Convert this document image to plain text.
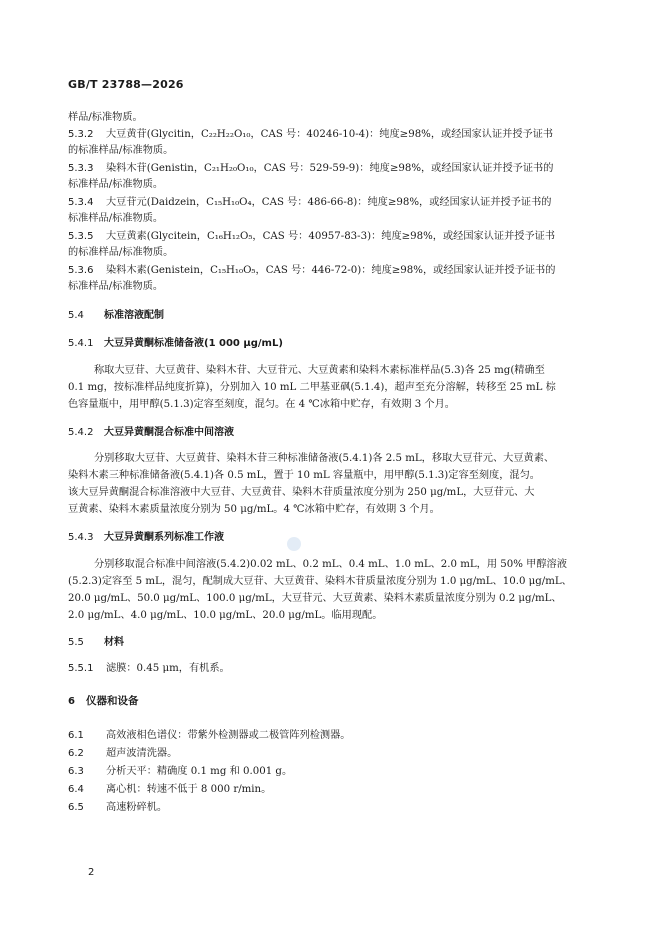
GB/T 23788—2026
样品/标准物质。
5.3.2 大豆黄苷(Glycitin，C₂₂H₂₂O₁₀，CAS 号：40246-10-4)：纯度≥98%，或经国家认证并授予证书
的标准样品/标准物质。
5.3.3 染料木苷(Genistin，C₂₁H₂₀O₁₀，CAS 号：529-59-9)：纯度≥98%，或经国家认证并授予证书的
标准样品/标准物质。
5.3.4 大豆苷元(Daidzein，C₁₅H₁₀O₄，CAS 号：486-66-8)：纯度≥98%，或经国家认证并授予证书的
标准样品/标准物质。
5.3.5 大豆黄素(Glycitein，C₁₆H₁₂O₅，CAS 号：40957-83-3)：纯度≥98%，或经国家认证并授予证书
的标准样品/标准物质。
5.3.6 染料木素(Genistein，C₁₅H₁₀O₅，CAS 号：446-72-0)：纯度≥98%，或经国家认证并授予证书的
标准样品/标准物质。
5.4 标准溶液配制
5.4.1 大豆异黄酮标准储备液(1 000 μg/mL)
称取大豆苷、大豆黄苷、染料木苷、大豆苷元、大豆黄素和染料木素标准样品(5.3)各 25 mg(精确至
0.1 mg，按标准样品纯度折算)，分别加入 10 mL 二甲基亚砜(5.1.4)，超声至充分溶解，转移至 25 mL 棕
色容量瓶中，用甲醇(5.1.3)定容至刻度，混匀。在 4 ℃冰箱中贮存，有效期 3 个月。
5.4.2 大豆异黄酮混合标准中间溶液
分别移取大豆苷、大豆黄苷、染料木苷三种标准储备液(5.4.1)各 2.5 mL，移取大豆苷元、大豆黄素、
染料木素三种标准储备液(5.4.1)各 0.5 mL，置于 10 mL 容量瓶中，用甲醇(5.1.3)定容至刻度，混匀。
该大豆异黄酮混合标准溶液中大豆苷、大豆黄苷、染料木苷质量浓度分别为 250 μg/mL，大豆苷元、大
豆黄素、染料木素质量浓度分别为 50 μg/mL。4 ℃冰箱中贮存，有效期 3 个月。
5.4.3 大豆异黄酮系列标准工作液
分别移取混合标准中间溶液(5.4.2)0.02 mL、0.2 mL、0.4 mL、1.0 mL、2.0 mL，用 50% 甲醇溶液
(5.2.3)定容至 5 mL，混匀，配制成大豆苷、大豆黄苷、染料木苷质量浓度分别为 1.0 μg/mL、10.0 μg/mL、
20.0 μg/mL、50.0 μg/mL、100.0 μg/mL，大豆苷元、大豆黄素、染料木素质量浓度分别为 0.2 μg/mL、
2.0 μg/mL、4.0 μg/mL、10.0 μg/mL、20.0 μg/mL。临用现配。
5.5 材料
5.5.1 滤膜：0.45 μm，有机系。
6 仪器和设备
6.1 高效液相色谱仪：带紫外检测器或二极管阵列检测器。
6.2 超声波清洗器。
6.3 分析天平：精确度 0.1 mg 和 0.001 g。
6.4 离心机：转速不低于 8 000 r/min。
6.5 高速粉碎机。
2
